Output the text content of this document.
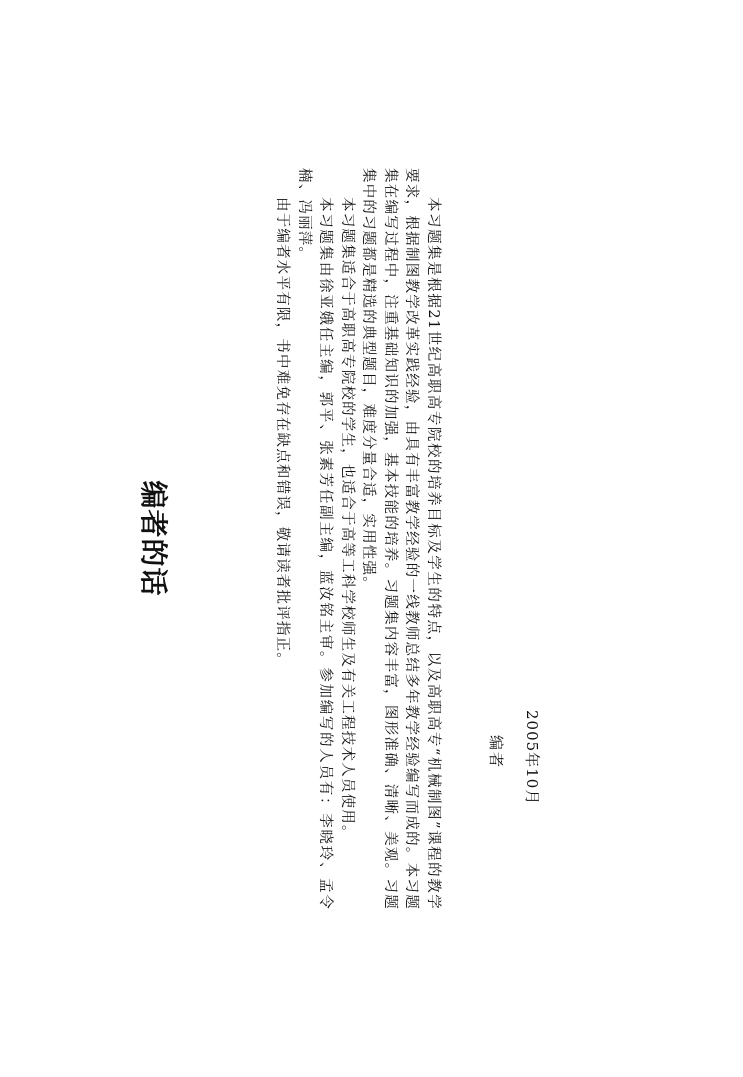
编者的话	本习题集是根据21世纪高职高专院校的培养目标及学生的特点，以及高职高专“机械制图”课程的教学要求，根据制图教学改革实践经验，由具有丰富教学经验的一线教师总结多年教学经验编写而成的。本习题集在编写过程中，注重基础知识的加强，基本技能的培养。习题集内容丰富，图形准确、清晰、美观。习题集中的习题都是精选的典型题目，难度分量合适，实用性强。

本习题集适合于高职高专院校的学生，也适合于高等工科学校师生及有关工程技术人员使用。

本习题集由徐亚娥任主编，郭平、张素芳任副主编，蓝汝铭主审。参加编写的人员有：李晓玲、孟令楠、冯丽萍。

由于编者水平有限，书中难免存在缺点和错误，敬请读者批评指正。

编者 2005年10月
